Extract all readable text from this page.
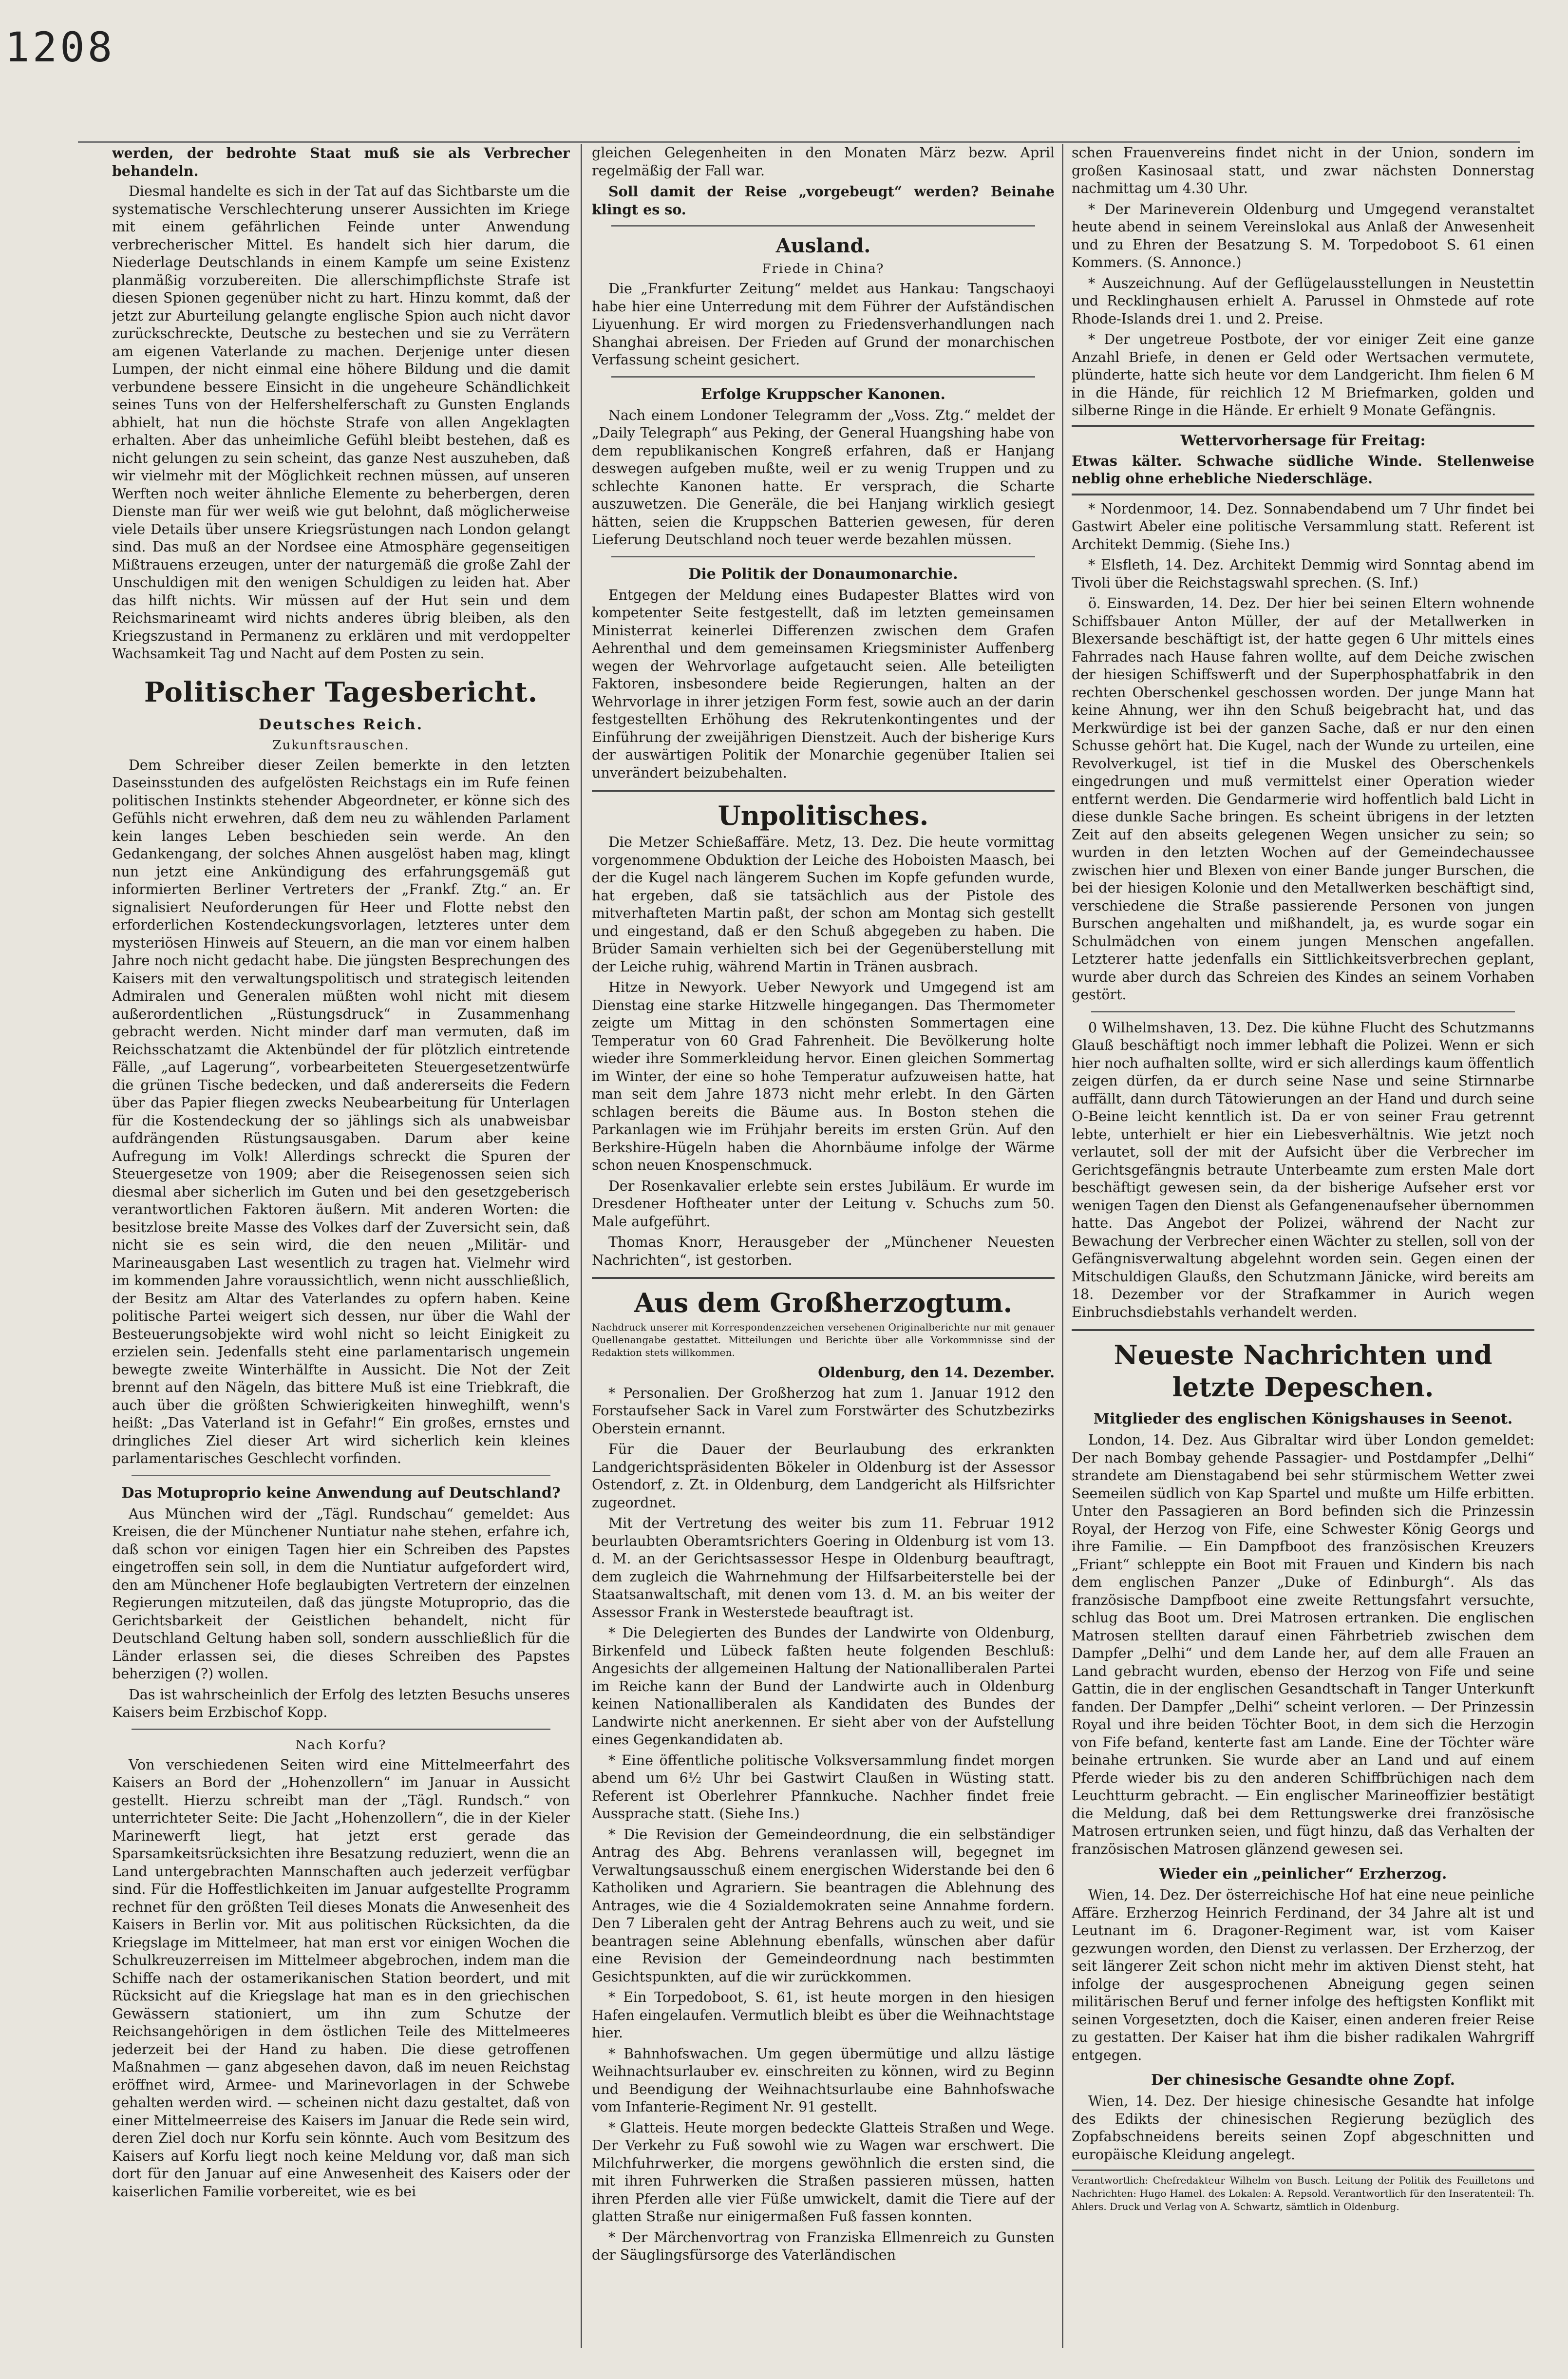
1208

werden, der bedrohte Staat muß sie als Verbrecher behandeln.

Diesmal handelte es sich in der Tat auf das Sichtbarste um die systematische Verschlechterung unserer Aussichten im Kriege mit einem gefährlichen Feinde unter Anwendung verbrecherischer Mittel. Es handelt sich hier darum, die Niederlage Deutschlands in einem Kampfe um seine Existenz planmäßig vorzubereiten. Die allerschimpflichste Strafe ist diesen Spionen gegenüber nicht zu hart. Hinzu kommt, daß der jetzt zur Aburteilung gelangte englische Spion auch nicht davor zurückschreckte, Deutsche zu bestechen und sie zu Verrätern am eigenen Vaterlande zu machen. Derjenige unter diesen Lumpen, der nicht einmal eine höhere Bildung und die damit verbundene bessere Einsicht in die ungeheure Schändlichkeit seines Tuns von der Helfershelferschaft zu Gunsten Englands abhielt, hat nun die höchste Strafe von allen Angeklagten erhalten. Aber das unheimliche Gefühl bleibt bestehen, daß es nicht gelungen zu sein scheint, das ganze Nest auszuheben, daß wir vielmehr mit der Möglichkeit rechnen müssen, auf unseren Werften noch weiter ähnliche Elemente zu beherbergen, deren Dienste man für wer weiß wie gut belohnt, daß möglicherweise viele Details über unsere Kriegsrüstungen nach London gelangt sind. Das muß an der Nordsee eine Atmosphäre gegenseitigen Mißtrauens erzeugen, unter der naturgemäß die große Zahl der Unschuldigen mit den wenigen Schuldigen zu leiden hat. Aber das hilft nichts. Wir müssen auf der Hut sein und dem Reichsmarineamt wird nichts anderes übrig bleiben, als den Kriegszustand in Permanenz zu erklären und mit verdoppelter Wachsamkeit Tag und Nacht auf dem Posten zu sein.

Politischer Tagesbericht.
Deutsches Reich.
Zukunftsrauschen.

Dem Schreiber dieser Zeilen bemerkte in den letzten Daseinsstunden des aufgelösten Reichstags ein im Rufe feinen politischen Instinkts stehender Abgeordneter, er könne sich des Gefühls nicht erwehren, daß dem neu zu wählenden Parlament kein langes Leben beschieden sein werde. An den Gedankengang, der solches Ahnen ausgelöst haben mag, klingt nun jetzt eine Ankündigung des erfahrungsgemäß gut informierten Berliner Vertreters der „Frankf. Ztg.“ an. Er signalisiert Neuforderungen für Heer und Flotte nebst den erforderlichen Kostendeckungsvorlagen, letzteres unter dem mysteriösen Hinweis auf Steuern, an die man vor einem halben Jahre noch nicht gedacht habe. Die jüngsten Besprechungen des Kaisers mit den verwaltungspolitisch und strategisch leitenden Admiralen und Generalen müßten wohl nicht mit diesem außerordentlichen „Rüstungsdruck“ in Zusammenhang gebracht werden. Nicht minder darf man vermuten, daß im Reichsschatzamt die Aktenbündel der für plötzlich eintretende Fälle, „auf Lagerung“, vorbearbeiteten Steuergesetzentwürfe die grünen Tische bedecken, und daß andererseits die Federn über das Papier fliegen zwecks Neubearbeitung für Unterlagen für die Kostendeckung der so jählings sich als unabweisbar aufdrängenden Rüstungsausgaben. Darum aber keine Aufregung im Volk! Allerdings schreckt die Spuren der Steuergesetze von 1909; aber die Reisegenossen seien sich diesmal aber sicherlich im Guten und bei den gesetzgeberisch verantwortlichen Faktoren äußern. Mit anderen Worten: die besitzlose breite Masse des Volkes darf der Zuversicht sein, daß nicht sie es sein wird, die den neuen „Militär- und Marineausgaben Last wesentlich zu tragen hat. Vielmehr wird im kommenden Jahre voraussichtlich, wenn nicht ausschließlich, der Besitz am Altar des Vaterlandes zu opfern haben. Keine politische Partei weigert sich dessen, nur über die Wahl der Besteuerungsobjekte wird wohl nicht so leicht Einigkeit zu erzielen sein. Jedenfalls steht eine parlamentarisch ungemein bewegte zweite Winterhälfte in Aussicht. Die Not der Zeit brennt auf den Nägeln, das bittere Muß ist eine Triebkraft, die auch über die größten Schwierigkeiten hinweghilft, wenn's heißt: „Das Vaterland ist in Gefahr!“ Ein großes, ernstes und dringliches Ziel dieser Art wird sicherlich kein kleines parlamentarisches Geschlecht vorfinden.

Das Motuproprio keine Anwendung auf Deutschland?

Aus München wird der „Tägl. Rundschau“ gemeldet: Aus Kreisen, die der Münchener Nuntiatur nahe stehen, erfahre ich, daß schon vor einigen Tagen hier ein Schreiben des Papstes eingetroffen sein soll, in dem die Nuntiatur aufgefordert wird, den am Münchener Hofe beglaubigten Vertretern der einzelnen Regierungen mitzuteilen, daß das jüngste Motuproprio, das die Gerichtsbarkeit der Geistlichen behandelt, nicht für Deutschland Geltung haben soll, sondern ausschließlich für die Länder erlassen sei, die dieses Schreiben des Papstes beherzigen (?) wollen.

Das ist wahrscheinlich der Erfolg des letzten Besuchs unseres Kaisers beim Erzbischof Kopp.

Nach Korfu?

Von verschiedenen Seiten wird eine Mittelmeerfahrt des Kaisers an Bord der „Hohenzollern“ im Januar in Aussicht gestellt. Hierzu schreibt man der „Tägl. Rundsch.“ von unterrichteter Seite: Die Jacht „Hohenzollern“, die in der Kieler Marinewerft liegt, hat jetzt erst gerade das Sparsamkeitsrücksichten ihre Besatzung reduziert, wenn die an Land untergebrachten Mannschaften auch jederzeit verfügbar sind. Für die Hoffestlichkeiten im Januar aufgestellte Programm rechnet für den größten Teil dieses Monats die Anwesenheit des Kaisers in Berlin vor. Mit aus politischen Rücksichten, da die Kriegslage im Mittelmeer, hat man erst vor einigen Wochen die Schulkreuzerreisen im Mittelmeer abgebrochen, indem man die Schiffe nach der ostamerikanischen Station beordert, und mit Rücksicht auf die Kriegslage hat man es in den griechischen Gewässern stationiert, um ihn zum Schutze der Reichsangehörigen in dem östlichen Teile des Mittelmeeres jederzeit bei der Hand zu haben. Die diese getroffenen Maßnahmen — ganz abgesehen davon, daß im neuen Reichstag eröffnet wird, Armee- und Marinevorlagen in der Schwebe gehalten werden wird. — scheinen nicht dazu gestaltet, daß von einer Mittelmeerreise des Kaisers im Januar die Rede sein wird, deren Ziel doch nur Korfu sein könnte. Auch vom Besitzum des Kaisers auf Korfu liegt noch keine Meldung vor, daß man sich dort für den Januar auf eine Anwesenheit des Kaisers oder der kaiserlichen Familie vorbereitet, wie es bei

gleichen Gelegenheiten in den Monaten März bezw. April regelmäßig der Fall war.

Soll damit der Reise „vorgebeugt“ werden? Beinahe klingt es so.

Ausland.
Friede in China?

Die „Frankfurter Zeitung“ meldet aus Hankau: Tangschaoyi habe hier eine Unterredung mit dem Führer der Aufständischen Liyuenhung. Er wird morgen zu Friedensverhandlungen nach Shanghai abreisen. Der Frieden auf Grund der monarchischen Verfassung scheint gesichert.

Erfolge Kruppscher Kanonen.

Nach einem Londoner Telegramm der „Voss. Ztg.“ meldet der „Daily Telegraph“ aus Peking, der General Huangshing habe von dem republikanischen Kongreß erfahren, daß er Hanjang deswegen aufgeben mußte, weil er zu wenig Truppen und zu schlechte Kanonen hatte. Er versprach, die Scharte auszuwetzen. Die Generäle, die bei Hanjang wirklich gesiegt hätten, seien die Kruppschen Batterien gewesen, für deren Lieferung Deutschland noch teuer werde bezahlen müssen.

Die Politik der Donaumonarchie.

Entgegen der Meldung eines Budapester Blattes wird von kompetenter Seite festgestellt, daß im letzten gemeinsamen Ministerrat keinerlei Differenzen zwischen dem Grafen Aehrenthal und dem gemeinsamen Kriegsminister Auffenberg wegen der Wehrvorlage aufgetaucht seien. Alle beteiligten Faktoren, insbesondere beide Regierungen, halten an der Wehrvorlage in ihrer jetzigen Form fest, sowie auch an der darin festgestellten Erhöhung des Rekrutenkontingentes und der Einführung der zweijährigen Dienstzeit. Auch der bisherige Kurs der auswärtigen Politik der Monarchie gegenüber Italien sei unverändert beizubehalten.

Unpolitisches.

Die Metzer Schießaffäre. Metz, 13. Dez. Die heute vormittag vorgenommene Obduktion der Leiche des Hoboisten Maasch, bei der die Kugel nach längerem Suchen im Kopfe gefunden wurde, hat ergeben, daß sie tatsächlich aus der Pistole des mitverhafteten Martin paßt, der schon am Montag sich gestellt und eingestand, daß er den Schuß abgegeben zu haben. Die Brüder Samain verhielten sich bei der Gegenüberstellung mit der Leiche ruhig, während Martin in Tränen ausbrach.

Hitze in Newyork. Ueber Newyork und Umgegend ist am Dienstag eine starke Hitzwelle hingegangen. Das Thermometer zeigte um Mittag in den schönsten Sommertagen eine Temperatur von 60 Grad Fahrenheit. Die Bevölkerung holte wieder ihre Sommerkleidung hervor. Einen gleichen Sommertag im Winter, der eine so hohe Temperatur aufzuweisen hatte, hat man seit dem Jahre 1873 nicht mehr erlebt. In den Gärten schlagen bereits die Bäume aus. In Boston stehen die Parkanlagen wie im Frühjahr bereits im ersten Grün. Auf den Berkshire-Hügeln haben die Ahornbäume infolge der Wärme schon neuen Knospenschmuck.

Der Rosenkavalier erlebte sein erstes Jubiläum. Er wurde im Dresdener Hoftheater unter der Leitung v. Schuchs zum 50. Male aufgeführt.

Thomas Knorr, Herausgeber der „Münchener Neuesten Nachrichten“, ist gestorben.

Aus dem Großherzogtum.

Nachdruck unserer mit Korrespondenzzeichen versehenen Originalberichte nur mit genauer Quellenangabe gestattet. Mitteilungen und Berichte über alle Vorkommnisse sind der Redaktion stets willkommen.

Oldenburg, den 14. Dezember.

* Personalien. Der Großherzog hat zum 1. Januar 1912 den Forstaufseher Sack in Varel zum Forstwärter des Schutzbezirks Oberstein ernannt.

Für die Dauer der Beurlaubung des erkrankten Landgerichtspräsidenten Bökeler in Oldenburg ist der Assessor Ostendorf, z. Zt. in Oldenburg, dem Landgericht als Hilfsrichter zugeordnet.

Mit der Vertretung des weiter bis zum 11. Februar 1912 beurlaubten Oberamtsrichters Goering in Oldenburg ist vom 13. d. M. an der Gerichtsassessor Hespe in Oldenburg beauftragt, dem zugleich die Wahrnehmung der Hilfsarbeiterstelle bei der Staatsanwaltschaft, mit denen vom 13. d. M. an bis weiter der Assessor Frank in Westerstede beauftragt ist.

* Die Delegierten des Bundes der Landwirte von Oldenburg, Birkenfeld und Lübeck faßten heute folgenden Beschluß: Angesichts der allgemeinen Haltung der Nationalliberalen Partei im Reiche kann der Bund der Landwirte auch in Oldenburg keinen Nationalliberalen als Kandidaten des Bundes der Landwirte nicht anerkennen. Er sieht aber von der Aufstellung eines Gegenkandidaten ab.

* Eine öffentliche politische Volksversammlung findet morgen abend um 6½ Uhr bei Gastwirt Claußen in Wüsting statt. Referent ist Oberlehrer Pfannkuche. Nachher findet freie Aussprache statt. (Siehe Ins.)

* Die Revision der Gemeindeordnung, die ein selbständiger Antrag des Abg. Behrens veranlassen will, begegnet im Verwaltungsausschuß einem energischen Widerstande bei den 6 Katholiken und Agrariern. Sie beantragen die Ablehnung des Antrages, wie die 4 Sozialdemokraten seine Annahme fordern. Den 7 Liberalen geht der Antrag Behrens auch zu weit, und sie beantragen seine Ablehnung ebenfalls, wünschen aber dafür eine Revision der Gemeindeordnung nach bestimmten Gesichtspunkten, auf die wir zurückkommen.

* Ein Torpedoboot, S. 61, ist heute morgen in den hiesigen Hafen eingelaufen. Vermutlich bleibt es über die Weihnachtstage hier.

* Bahnhofswachen. Um gegen übermütige und allzu lästige Weihnachtsurlauber ev. einschreiten zu können, wird zu Beginn und Beendigung der Weihnachtsurlaube eine Bahnhofswache vom Infanterie-Regiment Nr. 91 gestellt.

* Glatteis. Heute morgen bedeckte Glatteis Straßen und Wege. Der Verkehr zu Fuß sowohl wie zu Wagen war erschwert. Die Milchfuhrwerker, die morgens gewöhnlich die ersten sind, die mit ihren Fuhrwerken die Straßen passieren müssen, hatten ihren Pferden alle vier Füße umwickelt, damit die Tiere auf der glatten Straße nur einigermaßen Fuß fassen konnten.

* Der Märchenvortrag von Franziska Ellmenreich zu Gunsten der Säuglingsfürsorge des Vaterländischen

schen Frauenvereins findet nicht in der Union, sondern im großen Kasinosaal statt, und zwar nächsten Donnerstag nachmittag um 4.30 Uhr.

* Der Marineverein Oldenburg und Umgegend veranstaltet heute abend in seinem Vereinslokal aus Anlaß der Anwesenheit und zu Ehren der Besatzung S. M. Torpedoboot S. 61 einen Kommers. (S. Annonce.)

* Auszeichnung. Auf der Geflügelausstellungen in Neustettin und Recklinghausen erhielt A. Parussel in Ohmstede auf rote Rhode-Islands drei 1. und 2. Preise.

* Der ungetreue Postbote, der vor einiger Zeit eine ganze Anzahl Briefe, in denen er Geld oder Wertsachen vermutete, plünderte, hatte sich heute vor dem Landgericht. Ihm fielen 6 M in die Hände, für reichlich 12 M Briefmarken, golden und silberne Ringe in die Hände. Er erhielt 9 Monate Gefängnis.

Wettervorhersage für Freitag:

Etwas kälter. Schwache südliche Winde. Stellenweise neblig ohne erhebliche Niederschläge.

* Nordenmoor, 14. Dez. Sonnabendabend um 7 Uhr findet bei Gastwirt Abeler eine politische Versammlung statt. Referent ist Architekt Demmig. (Siehe Ins.)

* Elsfleth, 14. Dez. Architekt Demmig wird Sonntag abend im Tivoli über die Reichstagswahl sprechen. (S. Inf.)

ö. Einswarden, 14. Dez. Der hier bei seinen Eltern wohnende Schiffsbauer Anton Müller, der auf der Metallwerken in Blexersande beschäftigt ist, der hatte gegen 6 Uhr mittels eines Fahrrades nach Hause fahren wollte, auf dem Deiche zwischen der hiesigen Schiffswerft und der Superphosphatfabrik in den rechten Oberschenkel geschossen worden. Der junge Mann hat keine Ahnung, wer ihn den Schuß beigebracht hat, und das Merkwürdige ist bei der ganzen Sache, daß er nur den einen Schusse gehört hat. Die Kugel, nach der Wunde zu urteilen, eine Revolverkugel, ist tief in die Muskel des Oberschenkels eingedrungen und muß vermittelst einer Operation wieder entfernt werden. Die Gendarmerie wird hoffentlich bald Licht in diese dunkle Sache bringen. Es scheint übrigens in der letzten Zeit auf den abseits gelegenen Wegen unsicher zu sein; so wurden in den letzten Wochen auf der Gemeindechaussee zwischen hier und Blexen von einer Bande junger Burschen, die bei der hiesigen Kolonie und den Metallwerken beschäftigt sind, verschiedene die Straße passierende Personen von jungen Burschen angehalten und mißhandelt, ja, es wurde sogar ein Schulmädchen von einem jungen Menschen angefallen. Letzterer hatte jedenfalls ein Sittlichkeitsverbrechen geplant, wurde aber durch das Schreien des Kindes an seinem Vorhaben gestört.

0 Wilhelmshaven, 13. Dez. Die kühne Flucht des Schutzmanns Glauß beschäftigt noch immer lebhaft die Polizei. Wenn er sich hier noch aufhalten sollte, wird er sich allerdings kaum öffentlich zeigen dürfen, da er durch seine Nase und seine Stirnnarbe auffällt, dann durch Tätowierungen an der Hand und durch seine O-Beine leicht kenntlich ist. Da er von seiner Frau getrennt lebte, unterhielt er hier ein Liebesverhältnis. Wie jetzt noch verlautet, soll der mit der Aufsicht über die Verbrecher im Gerichtsgefängnis betraute Unterbeamte zum ersten Male dort beschäftigt gewesen sein, da der bisherige Aufseher erst vor wenigen Tagen den Dienst als Gefangenenaufseher übernommen hatte. Das Angebot der Polizei, während der Nacht zur Bewachung der Verbrecher einen Wächter zu stellen, soll von der Gefängnisverwaltung abgelehnt worden sein. Gegen einen der Mitschuldigen Glaußs, den Schutzmann Jänicke, wird bereits am 18. Dezember vor der Strafkammer in Aurich wegen Einbruchsdiebstahls verhandelt werden.

Neueste Nachrichten und letzte Depeschen.
Mitglieder des englischen Königshauses in Seenot.

London, 14. Dez. Aus Gibraltar wird über London gemeldet: Der nach Bombay gehende Passagier- und Postdampfer „Delhi“ strandete am Dienstagabend bei sehr stürmischem Wetter zwei Seemeilen südlich von Kap Spartel und mußte um Hilfe erbitten. Unter den Passagieren an Bord befinden sich die Prinzessin Royal, der Herzog von Fife, eine Schwester König Georgs und ihre Familie. — Ein Dampfboot des französischen Kreuzers „Friant“ schleppte ein Boot mit Frauen und Kindern bis nach dem englischen Panzer „Duke of Edinburgh“. Als das französische Dampfboot eine zweite Rettungsfahrt versuchte, schlug das Boot um. Drei Matrosen ertranken. Die englischen Matrosen stellten darauf einen Fährbetrieb zwischen dem Dampfer „Delhi“ und dem Lande her, auf dem alle Frauen an Land gebracht wurden, ebenso der Herzog von Fife und seine Gattin, die in der englischen Gesandtschaft in Tanger Unterkunft fanden. Der Dampfer „Delhi“ scheint verloren. — Der Prinzessin Royal und ihre beiden Töchter Boot, in dem sich die Herzogin von Fife befand, kenterte fast am Lande. Eine der Töchter wäre beinahe ertrunken. Sie wurde aber an Land und auf einem Pferde wieder bis zu den anderen Schiffbrüchigen nach dem Leuchtturm gebracht. — Ein englischer Marineoffizier bestätigt die Meldung, daß bei dem Rettungswerke drei französische Matrosen ertrunken seien, und fügt hinzu, daß das Verhalten der französischen Matrosen glänzend gewesen sei.

Wieder ein „peinlicher“ Erzherzog.

Wien, 14. Dez. Der österreichische Hof hat eine neue peinliche Affäre. Erzherzog Heinrich Ferdinand, der 34 Jahre alt ist und Leutnant im 6. Dragoner-Regiment war, ist vom Kaiser gezwungen worden, den Dienst zu verlassen. Der Erzherzog, der seit längerer Zeit schon nicht mehr im aktiven Dienst steht, hat infolge der ausgesprochenen Abneigung gegen seinen militärischen Beruf und ferner infolge des heftigsten Konflikt mit seinen Vorgesetzten, doch die Kaiser, einen anderen freier Reise zu gestatten. Der Kaiser hat ihm die bisher radikalen Wahrgriff entgegen.

Der chinesische Gesandte ohne Zopf.

Wien, 14. Dez. Der hiesige chinesische Gesandte hat infolge des Edikts der chinesischen Regierung bezüglich des Zopfabschneidens bereits seinen Zopf abgeschnitten und europäische Kleidung angelegt.

Verantwortlich: Chefredakteur Wilhelm von Busch. Leitung der Politik des Feuilletons und Nachrichten: Hugo Hamel. des Lokalen: A. Repsold. Verantwortlich für den Inseratenteil: Th. Ahlers. Druck und Verlag von A. Schwartz, sämtlich in Oldenburg.
